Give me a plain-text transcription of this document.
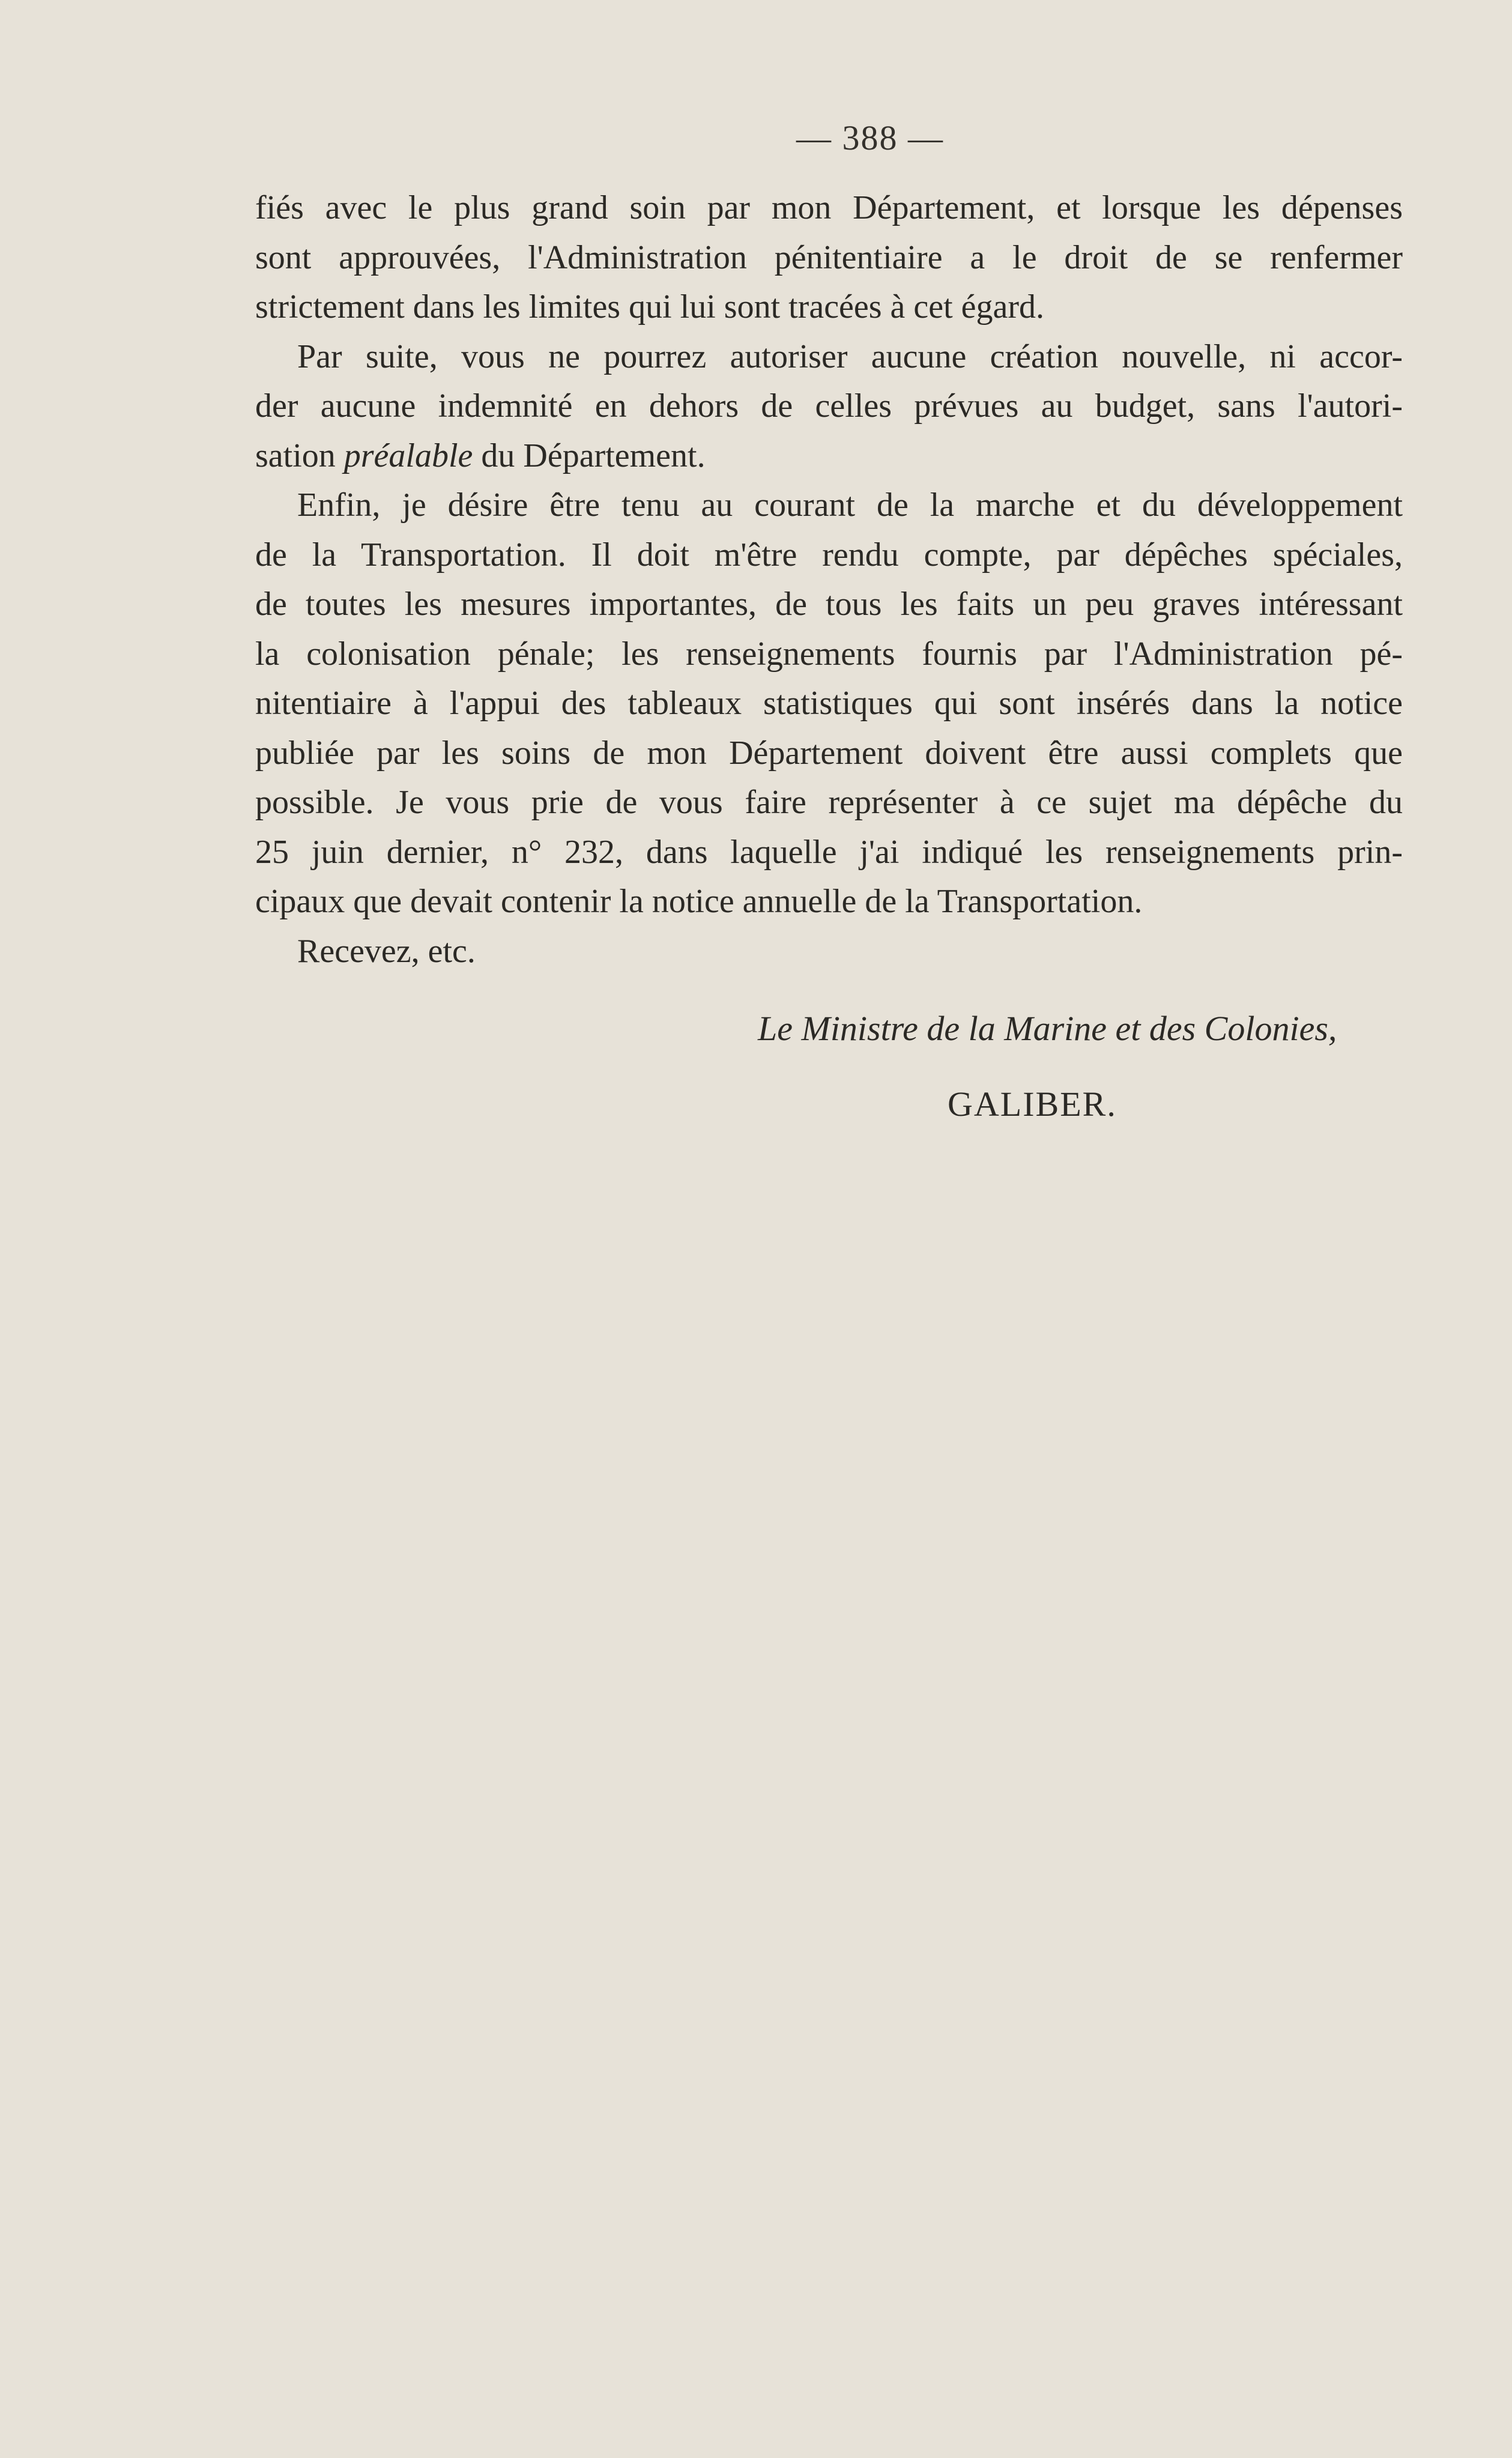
— 388 —
fiés avec le plus grand soin par mon Département, et lorsque les dépenses
sont approuvées, l'Administration pénitentiaire a le droit de se renfermer
strictement dans les limites qui lui sont tracées à cet égard.
Par suite, vous ne pourrez autoriser aucune création nouvelle, ni accor-
der aucune indemnité en dehors de celles prévues au budget, sans l'autori-
sation préalable du Département.
Enfin, je désire être tenu au courant de la marche et du développement
de la Transportation. Il doit m'être rendu compte, par dépêches spéciales,
de toutes les mesures importantes, de tous les faits un peu graves intéressant
la colonisation pénale; les renseignements fournis par l'Administration pé-
nitentiaire à l'appui des tableaux statistiques qui sont insérés dans la notice
publiée par les soins de mon Département doivent être aussi complets que
possible. Je vous prie de vous faire représenter à ce sujet ma dépêche du
25 juin dernier, n° 232, dans laquelle j'ai indiqué les renseignements prin-
cipaux que devait contenir la notice annuelle de la Transportation.
Recevez, etc.
Le Ministre de la Marine et des Colonies,
GALIBER.
